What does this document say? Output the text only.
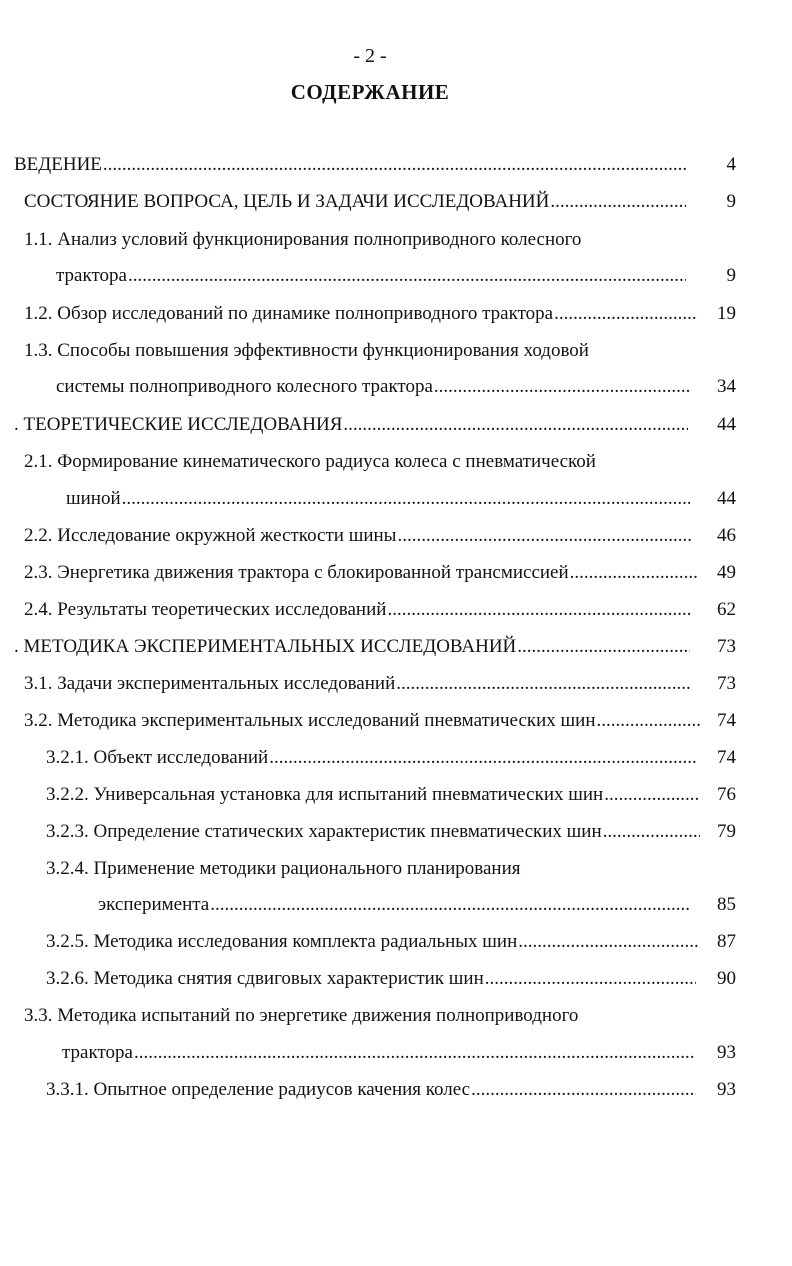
- 2 -
СОДЕРЖАНИЕ
ВЕДЕНИЕ .....	4
СОСТОЯНИЕ ВОПРОСА, ЦЕЛЬ И ЗАДАЧИ ИССЛЕДОВАНИЙ .....	9
1.1. Анализ условий функционирования полноприводного колесного
трактора .....	9
1.2. Обзор исследований по динамике полноприводного трактора .....	19
1.3. Способы повышения эффективности функционирования ходовой
системы полноприводного колесного трактора .....	34
. ТЕОРЕТИЧЕСКИЕ ИССЛЕДОВАНИЯ .....	44
2.1. Формирование кинематического радиуса колеса с пневматической
шиной .....	44
2.2. Исследование окружной жесткости шины .....	46
2.3. Энергетика движения трактора с блокированной трансмиссией .....	49
2.4. Результаты теоретических исследований .....	62
. МЕТОДИКА ЭКСПЕРИМЕНТАЛЬНЫХ ИССЛЕДОВАНИЙ .....	73
3.1. Задачи экспериментальных исследований .....	73
3.2. Методика экспериментальных исследований пневматических шин .....	74
3.2.1. Объект исследований .....	74
3.2.2. Универсальная установка для испытаний пневматических шин .....	76
3.2.3. Определение статических характеристик пневматических шин .....	79
3.2.4. Применение методики рационального планирования
эксперимента .....	85
3.2.5. Методика исследования комплекта радиальных шин .....	87
3.2.6. Методика снятия сдвиговых характеристик шин .....	90
3.3. Методика испытаний по энергетике движения полноприводного
трактора .....	93
3.3.1. Опытное определение радиусов качения колес .....	93
